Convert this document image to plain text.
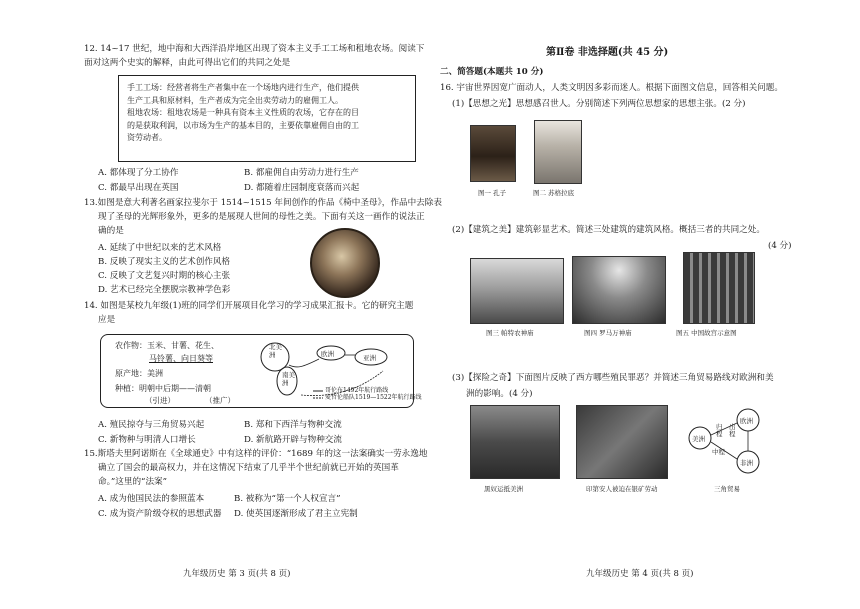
12. 14~17 世纪，地中海和大西洋沿岸地区出现了资本主义手工工场和租地农场。阅读下
面对这两个史实的解释，由此可得出它们的共同之处是

手工工场：经营者将生产者集中在一个场地内进行生产，他们提供

生产工具和原材料，生产者成为完全出卖劳动力的雇佣工人。

租地农场：租地农场是一种具有资本主义性质的农场，它存在的目

的是获取利润，以市场为生产的基本目的，主要依靠雇佣自由的工

资劳动者。

A. 都体现了分工协作	B. 都雇佣自由劳动力进行生产
C. 都最早出现在英国	D. 都随着庄园制度衰落而兴起
13.如图是意大利著名画家拉斐尔于 1514~1515 年间创作的作品《椅中圣母》，作品中去除表
现了圣母的光辉形象外，更多的是展现人世间的母性之美。下面有关这一画作的说法正
确的是
A. 延续了中世纪以来的艺术风格
B. 反映了现实主义的艺术创作风格
C. 反映了文艺复兴时期的核心主张
D. 艺术已经完全摆脱宗教神学色彩
14. 如图是某校九年级(1)班的同学们开展项目化学习的学习成果汇报卡。它的研究主题
应是
农作物：玉米、甘薯、花生、
马铃薯、向日葵等
原产地：美洲
种植：明朝中后期——清朝
（引进）	（推广）
北美洲
南美洲
欧洲	亚洲
哥伦布1492年航行路线
麦哲伦船队1519—1522年航行路线
A. 殖民掠夺与三角贸易兴起	B. 郑和下西洋与物种交流
C. 新物种与明清人口增长	D. 新航路开辟与物种交流
15.斯塔夫里阿诺斯在《全球通史》中有这样的评价：“1689 年的这一法案确实一劳永逸地
确立了国会的最高权力，并在这情况下结束了几乎半个世纪前就已开始的英国革
命。”这里的“法案”
A. 成为他国民法的参照蓝本	B. 被称为“第一个人权宣言”
C. 成为资产阶级夺权的思想武器 D. 使英国逐渐形成了君主立宪制
九年级历史 第 3 页(共 8 页)
第Ⅱ卷 非选择题(共 45 分)
二、简答题(本题共 10 分)
16. 宇宙世界因宽广面动人，人类文明因多彩而迷人。根据下面图文信息，回答相关问题。
(1)【思想之光】思想感召世人。分别简述下列两位思想家的思想主张。(2 分)
图一 孔子	图二 苏格拉底
(2)【建筑之美】建筑彰显艺术。简述三处建筑的建筑风格。概括三者的共同之处。
(4 分)
图三 帕特农神庙	图四 罗马万神庙	图五 中国故宫示意图
(3)【探险之奇】下面图片反映了西方哪些殖民罪恶？并简述三角贸易路线对欧洲和美
洲的影响。(4 分)
黑奴运抵美洲	印第安人被迫在银矿劳动
美洲
欧洲
非洲
归程
出程
中程
三角贸易
九年级历史 第 4 页(共 8 页)
